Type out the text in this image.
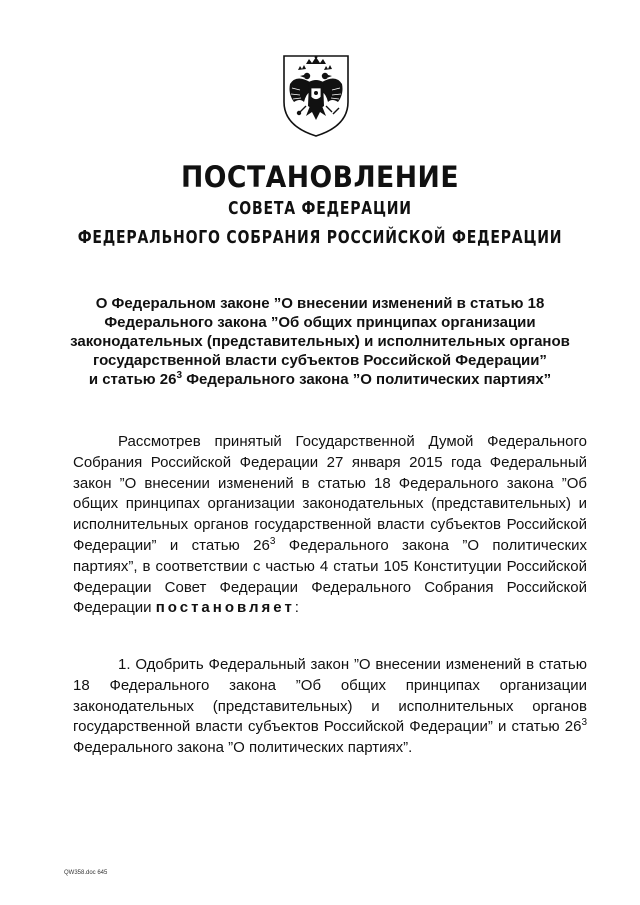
ПОСТАНОВЛЕНИЕ
СОВЕТА ФЕДЕРАЦИИ
ФЕДЕРАЛЬНОГО СОБРАНИЯ РОССИЙСКОЙ ФЕДЕРАЦИИ
О Федеральном законе ”О внесении изменений в статью 18
Федерального закона ”Об общих принципах организации
законодательных (представительных) и исполнительных органов
государственной власти субъектов Российской Федерации”
и статью $26^3$ Федерального закона ”О политических партиях”
Рассмотрев принятый Государственной Думой Федерального Собрания Российской Федерации 27 января 2015 года Федеральный закон ”О внесении изменений в статью 18 Федерального закона ”Об общих принципах организации законодательных (представительных) и исполнительных органов государственной власти субъектов Российской Федерации” и статью $26^3$ Федерального закона ”О политических партиях”, в соответствии с частью 4 статьи 105 Конституции Российской Федерации Совет Федерации Федерального Собрания Российской Федерации постановляет:
1. Одобрить Федеральный закон ”О внесении изменений в статью 18 Федерального закона ”Об общих принципах организации законодательных (представительных) и исполнительных органов государственной власти субъектов Российской Федерации” и статью $26^3$ Федерального закона ”О политических партиях”.
QW358.doc 645
